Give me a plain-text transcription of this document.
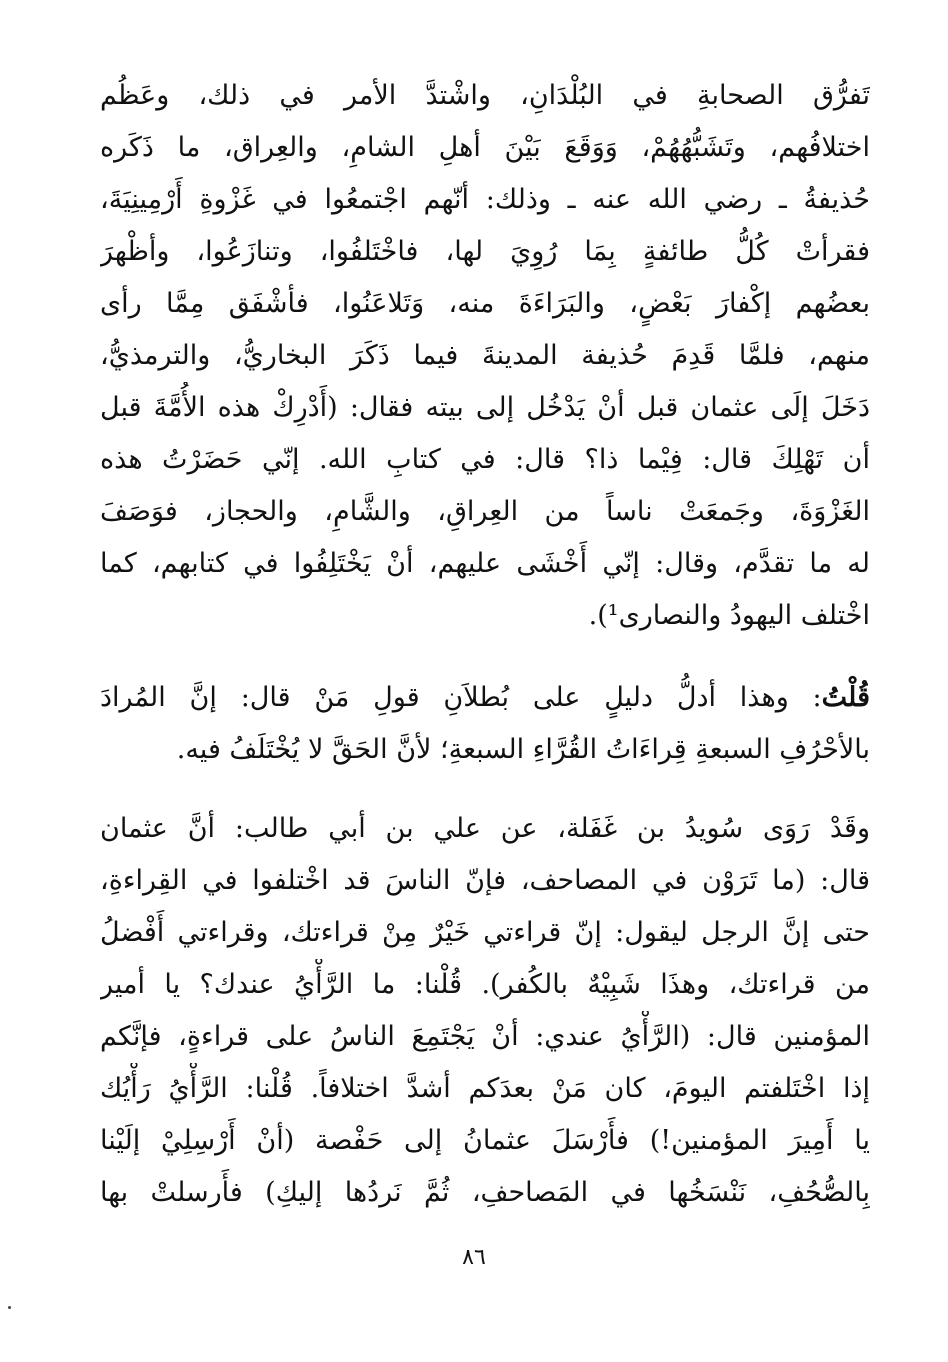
تَفرُّق الصحابةِ في البُلْدَانِ، واشْتدَّ الأمر في ذلك، وعَظُم
اختلافُهم، وتَشَبُّهُهُمْ، وَوَقَعَ بَيْنَ أهلِ الشامِ، والعِراق، ما ذَكَره
حُذيفةُ ـ رضي الله عنه ـ وذلك: أنّهم اجْتمعُوا في غَزْوةِ أَرْمِينِيَةَ،
فقرأتْ كُلُّ طائفةٍ بِمَا رُوِيَ لها، فاخْتَلفُوا، وتنازَعُوا، وأظْهرَ
بعضُهم إكْفارَ بَعْضٍ، والبَرَاءَةَ منه، وَتَلاعَنُوا، فأشْفَق مِمَّا رأى
منهم، فلمَّا قَدِمَ حُذيفة المدينةَ فيما ذَكَرَ البخاريُّ، والترمذيُّ،
دَخَلَ إلَى عثمان قبل أنْ يَدْخُل إلى بيته فقال: (أَدْرِكْ هذه الأُمَّةَ قبل
أن تَهْلِكَ قال: فِيْما ذا؟ قال: في كتابِ الله. إنّي حَضَرْتُ هذه
الغَزْوَةَ، وجَمعَتْ ناساً من العِراقِ، والشَّامِ، والحجاز، فوَصَفَ
له ما تقدَّم، وقال: إنّي أَخْشَى عليهم، أنْ يَخْتَلِفُوا في كتابهم، كما
اخْتلف اليهودُ والنصارى¹).
قُلْتُ: وهذا أدلُّ دليلٍ على بُطلاَنِ قولِ مَنْ قال: إنَّ المُرادَ
بالأحْرُفِ السبعةِ قِراءَاتُ القُرَّاءِ السبعةِ؛ لأنَّ الحَقَّ لا يُخْتَلَفُ فيه.
وقَدْ رَوَى سُويدُ بن غَفَلة، عن علي بن أبي طالب: أنَّ عثمان
قال: (ما تَرَوْن في المصاحف، فإنّ الناسَ قد اخْتلفوا في القِراءةِ،
حتى إنَّ الرجل ليقول: إنّ قراءتي خَيْرٌ مِنْ قراءتك، وقراءتي أَفْضلُ
من قراءتك، وهذَا شَبِيْهٌ بالكُفر). قُلْنا: ما الرَّأْيُ عندك؟ يا أمير
المؤمنين قال: (الرَّأْيُ عندي: أنْ يَجْتَمِعَ الناسُ على قراءةٍ، فإنَّكم
إذا اخْتَلفتم اليومَ، كان مَنْ بعدَكم أشدَّ اختلافاً. قُلْنا: الرَّأْيُ رَأْيُك
يا أَمِيرَ المؤمنين!) فأَرْسَلَ عثمانُ إلى حَفْصة (أنْ أَرْسِلِيْ إلَيْنا
بِالصُّحُفِ، نَنْسَخُها في المَصاحفِ، ثُمَّ نَردُها إليكِ) فأَرسلتْ بها
٨٦
